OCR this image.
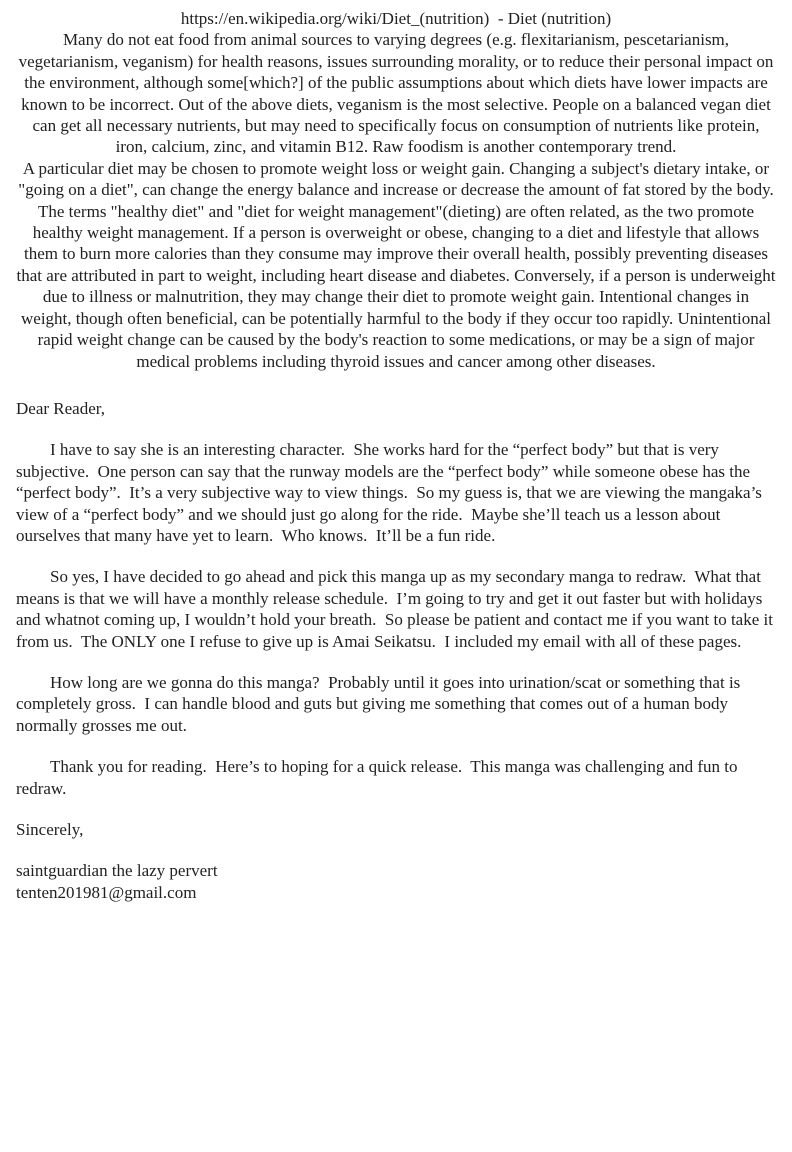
https://en.wikipedia.org/wiki/Diet_(nutrition)  - Diet (nutrition)

Many do not eat food from animal sources to varying degrees (e.g. flexitarianism, pescetarianism, vegetarianism, veganism) for health reasons, issues surrounding morality, or to reduce their personal impact on the environment, although some[which?] of the public assumptions about which diets have lower impacts are known to be incorrect. Out of the above diets, veganism is the most selective. People on a balanced vegan diet can get all necessary nutrients, but may need to specifically focus on consumption of nutrients like protein, iron, calcium, zinc, and vitamin B12. Raw foodism is another contemporary trend.

A particular diet may be chosen to promote weight loss or weight gain. Changing a subject's dietary intake, or "going on a diet", can change the energy balance and increase or decrease the amount of fat stored by the body. The terms "healthy diet" and "diet for weight management"(dieting) are often related, as the two promote healthy weight management. If a person is overweight or obese, changing to a diet and lifestyle that allows them to burn more calories than they consume may improve their overall health, possibly preventing diseases that are attributed in part to weight, including heart disease and diabetes. Conversely, if a person is underweight due to illness or malnutrition, they may change their diet to promote weight gain. Intentional changes in weight, though often beneficial, can be potentially harmful to the body if they occur too rapidly. Unintentional rapid weight change can be caused by the body's reaction to some medications, or may be a sign of major medical problems including thyroid issues and cancer among other diseases.

Dear Reader,

I have to say she is an interesting character.  She works hard for the “perfect body” but that is very subjective.  One person can say that the runway models are the “perfect body” while someone obese has the “perfect body”.  It’s a very subjective way to view things.  So my guess is, that we are viewing the mangaka’s view of a “perfect body” and we should just go along for the ride.  Maybe she’ll teach us a lesson about ourselves that many have yet to learn.  Who knows.  It’ll be a fun ride.

So yes, I have decided to go ahead and pick this manga up as my secondary manga to redraw.  What that means is that we will have a monthly release schedule.  I’m going to try and get it out faster but with holidays and whatnot coming up, I wouldn’t hold your breath.  So please be patient and contact me if you want to take it from us.  The ONLY one I refuse to give up is Amai Seikatsu.  I included my email with all of these pages.

How long are we gonna do this manga?  Probably until it goes into urination/scat or something that is completely gross.  I can handle blood and guts but giving me something that comes out of a human body normally grosses me out.

Thank you for reading.  Here’s to hoping for a quick release.  This manga was challenging and fun to redraw.

Sincerely,

saintguardian the lazy pervert

tenten201981@gmail.com
